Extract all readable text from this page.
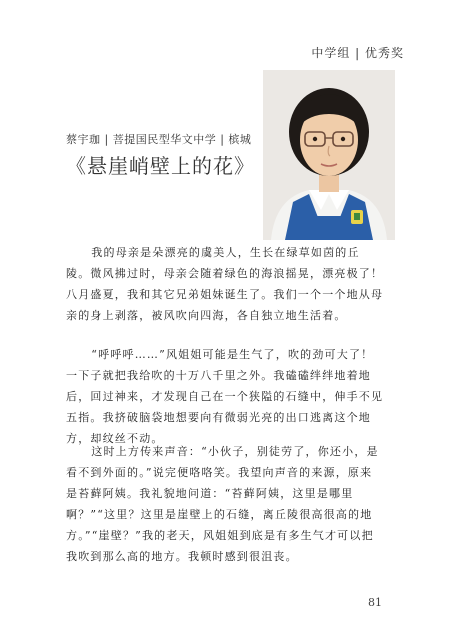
中学组 | 优秀奖
蔡宇珈 | 菩提国民型华文中学 | 槟城
《悬崖峭壁上的花》

我的母亲是朵漂亮的虞美人，生长在绿草如茵的丘陵。微风拂过时，母亲会随着绿色的海浪摇晃，漂亮极了！八月盛夏，我和其它兄弟姐妹诞生了。我们一个一个地从母亲的身上剥落，被风吹向四海，各自独立地生活着。

“呼呼呼……”风姐姐可能是生气了，吹的劲可大了！一下子就把我给吹的十万八千里之外。我磕磕绊绊地着地后，回过神来，才发现自己在一个狭隘的石缝中，伸手不见五指。我挤破脑袋地想要向有微弱光亮的出口逃离这个地方，却纹丝不动。

这时上方传来声音：“小伙子，别徒劳了，你还小，是看不到外面的。”说完便咯咯笑。我望向声音的来源，原来是苔藓阿姨。我礼貌地问道：“苔藓阿姨，这里是哪里啊？”“这里？这里是崖壁上的石缝，离丘陵很高很高的地方。”“崖壁？”我的老天，风姐姐到底是有多生气才可以把我吹到那么高的地方。我顿时感到很沮丧。

81
